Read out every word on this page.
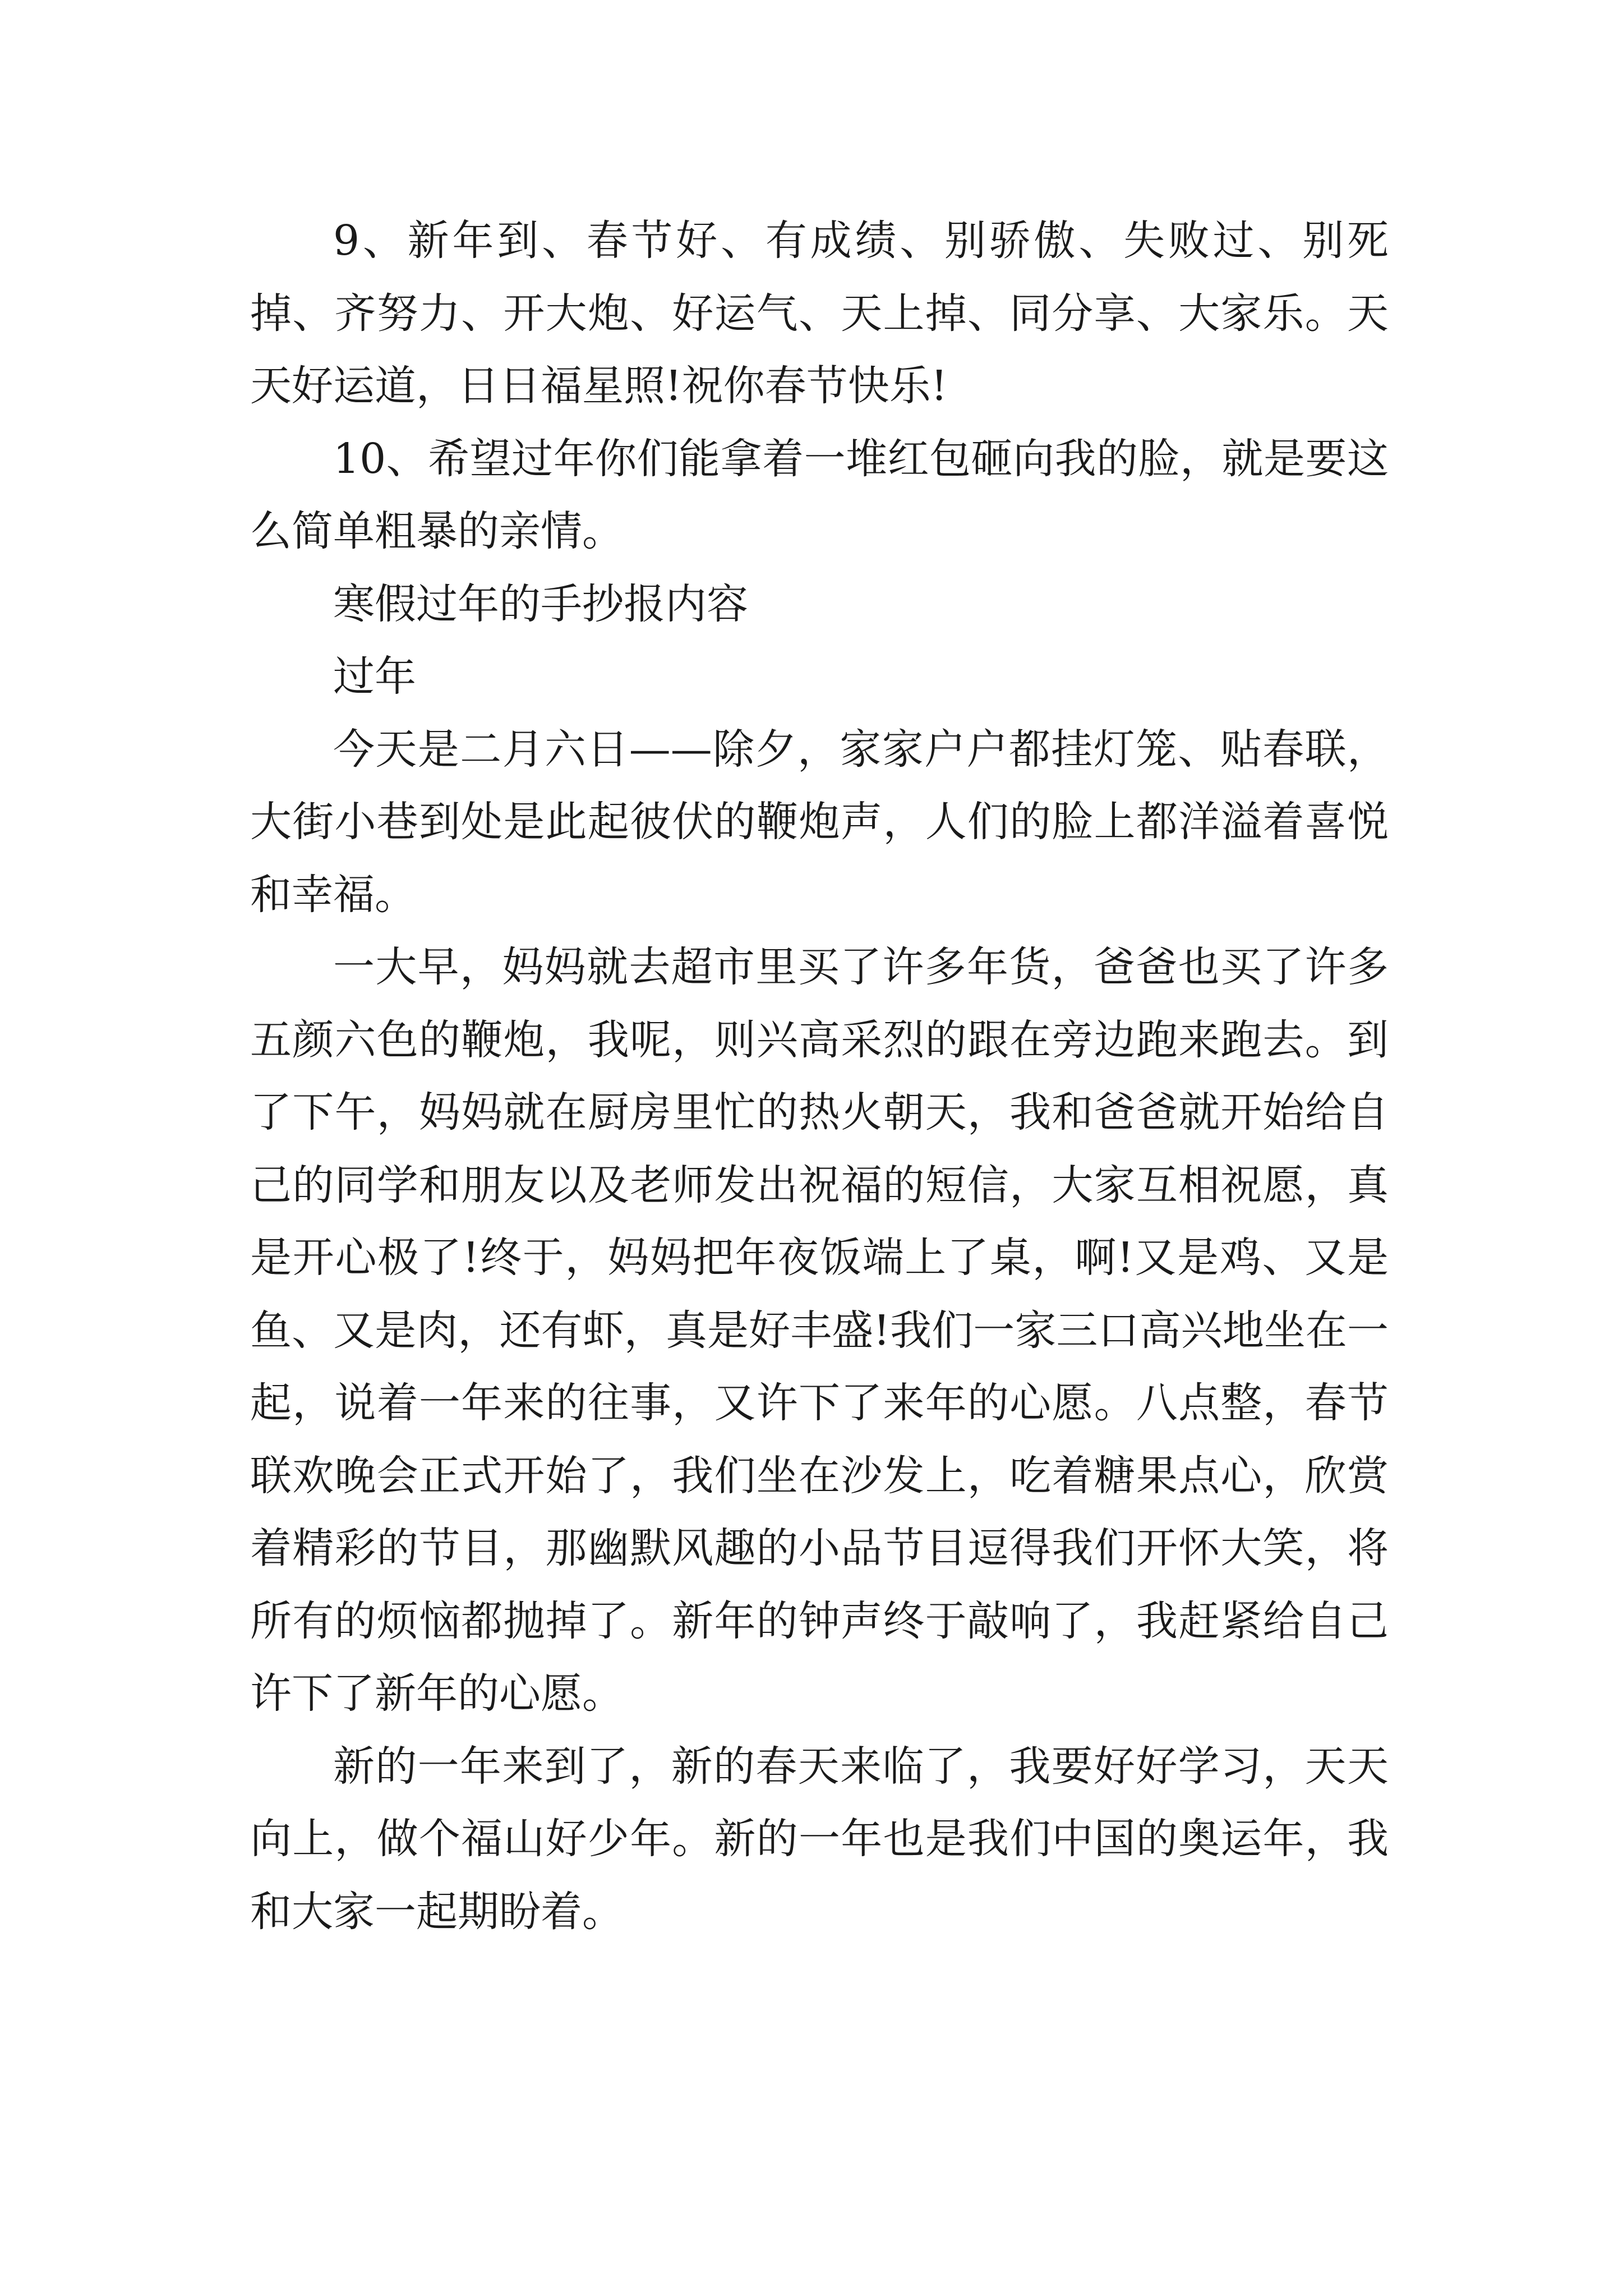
9、新年到、春节好、有成绩、别骄傲、失败过、别死掉、齐努力、开大炮、好运气、天上掉、同分享、大家乐。天天好运道，日日福星照!祝你春节快乐!

10、希望过年你们能拿着一堆红包砸向我的脸，就是要这么简单粗暴的亲情。

寒假过年的手抄报内容

过年

今天是二月六日——除夕，家家户户都挂灯笼、贴春联，大街小巷到处是此起彼伏的鞭炮声，人们的脸上都洋溢着喜悦和幸福。

一大早，妈妈就去超市里买了许多年货，爸爸也买了许多五颜六色的鞭炮，我呢，则兴高采烈的跟在旁边跑来跑去。到了下午，妈妈就在厨房里忙的热火朝天，我和爸爸就开始给自己的同学和朋友以及老师发出祝福的短信，大家互相祝愿，真是开心极了!终于，妈妈把年夜饭端上了桌，啊!又是鸡、又是鱼、又是肉，还有虾，真是好丰盛!我们一家三口高兴地坐在一起，说着一年来的往事，又许下了来年的心愿。八点整，春节联欢晚会正式开始了，我们坐在沙发上，吃着糖果点心，欣赏着精彩的节目，那幽默风趣的小品节目逗得我们开怀大笑，将所有的烦恼都抛掉了。新年的钟声终于敲响了，我赶紧给自己许下了新年的心愿。

新的一年来到了，新的春天来临了，我要好好学习，天天向上，做个福山好少年。新的一年也是我们中国的奥运年，我和大家一起期盼着。
